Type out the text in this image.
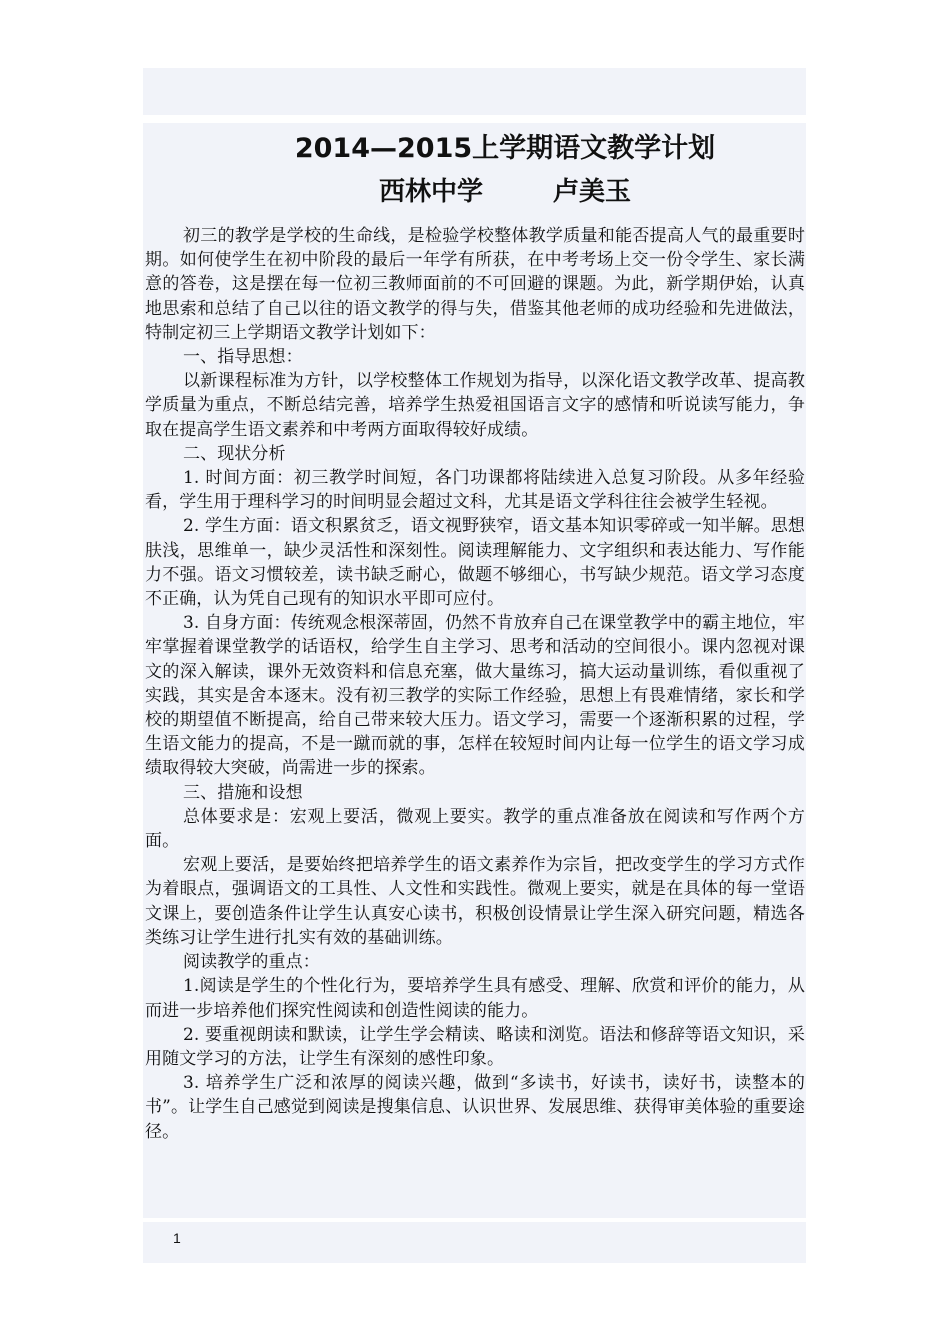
2014—2015上学期语文教学计划
西林中学	卢美玉

初三的教学是学校的生命线，是检验学校整体教学质量和能否提高人气的最重要时期。如何使学生在初中阶段的最后一年学有所获，在中考考场上交一份令学生、家长满意的答卷，这是摆在每一位初三教师面前的不可回避的课题。为此，新学期伊始，认真地思索和总结了自己以往的语文教学的得与失，借鉴其他老师的成功经验和先进做法，特制定初三上学期语文教学计划如下：

一、指导思想：

以新课程标准为方针，以学校整体工作规划为指导，以深化语文教学改革、提高教学质量为重点，不断总结完善，培养学生热爱祖国语言文字的感情和听说读写能力，争取在提高学生语文素养和中考两方面取得较好成绩。

二、现状分析

1. 时间方面：初三教学时间短，各门功课都将陆续进入总复习阶段。从多年经验看，学生用于理科学习的时间明显会超过文科，尤其是语文学科往往会被学生轻视。

2. 学生方面：语文积累贫乏，语文视野狭窄，语文基本知识零碎或一知半解。思想肤浅，思维单一，缺少灵活性和深刻性。阅读理解能力、文字组织和表达能力、写作能力不强。语文习惯较差，读书缺乏耐心，做题不够细心，书写缺少规范。语文学习态度不正确，认为凭自己现有的知识水平即可应付。

3. 自身方面：传统观念根深蒂固，仍然不肯放弃自己在课堂教学中的霸主地位，牢牢掌握着课堂教学的话语权，给学生自主学习、思考和活动的空间很小。课内忽视对课文的深入解读，课外无效资料和信息充塞，做大量练习，搞大运动量训练，看似重视了实践，其实是舍本逐末。没有初三教学的实际工作经验，思想上有畏难情绪，家长和学校的期望值不断提高，给自己带来较大压力。语文学习，需要一个逐渐积累的过程，学生语文能力的提高，不是一蹴而就的事，怎样在较短时间内让每一位学生的语文学习成绩取得较大突破，尚需进一步的探索。

三、措施和设想

总体要求是：宏观上要活，微观上要实。教学的重点准备放在阅读和写作两个方面。

宏观上要活，是要始终把培养学生的语文素养作为宗旨，把改变学生的学习方式作为着眼点，强调语文的工具性、人文性和实践性。微观上要实，就是在具体的每一堂语文课上，要创造条件让学生认真安心读书，积极创设情景让学生深入研究问题，精选各类练习让学生进行扎实有效的基础训练。

阅读教学的重点：

1.阅读是学生的个性化行为，要培养学生具有感受、理解、欣赏和评价的能力，从而进一步培养他们探究性阅读和创造性阅读的能力。

2. 要重视朗读和默读，让学生学会精读、略读和浏览。语法和修辞等语文知识，采用随文学习的方法，让学生有深刻的感性印象。

3. 培养学生广泛和浓厚的阅读兴趣，做到“多读书，好读书，读好书，读整本的书”。让学生自己感觉到阅读是搜集信息、认识世界、发展思维、获得审美体验的重要途径。

1
